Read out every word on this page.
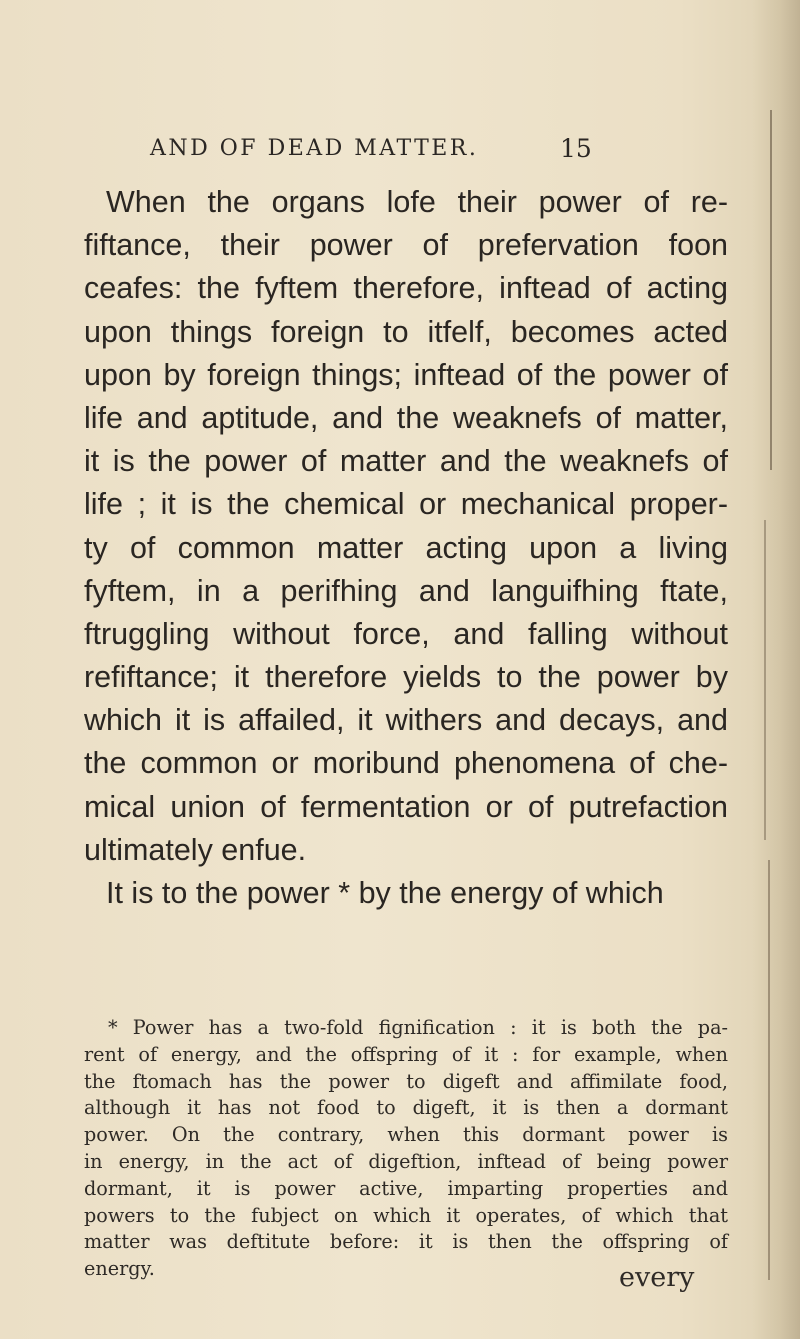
AND OF DEAD MATTER.	15
When the organs lofe their power of re-
fiftance, their power of prefervation foon
ceafes: the fyftem therefore, inftead of acting
upon things foreign to itfelf, becomes acted
upon by foreign things; inftead of the power of
life and aptitude, and the weaknefs of matter,
it is the power of matter and the weaknefs of
life ; it is the chemical or mechanical proper-
ty of common matter acting upon a living
fyftem, in a perifhing and languifhing ftate,
ftruggling without force, and falling without
refiftance; it therefore yields to the power by
which it is affailed, it withers and decays, and
the common or moribund phenomena of che-
mical union of fermentation or of putrefaction
ultimately enfue.
It is to the power * by the energy of which
* Power has a two-fold fignification : it is both the pa-
rent of energy, and the offspring of it : for example, when
the ftomach has the power to digeft and affimilate food,
although it has not food to digeft, it is then a dormant
power. On the contrary, when this dormant power is
in energy, in the act of digeftion, inftead of being power
dormant, it is power active, imparting properties and
powers to the fubject on which it operates, of which that
matter was deftitute before: it is then the offspring of
energy.	every
